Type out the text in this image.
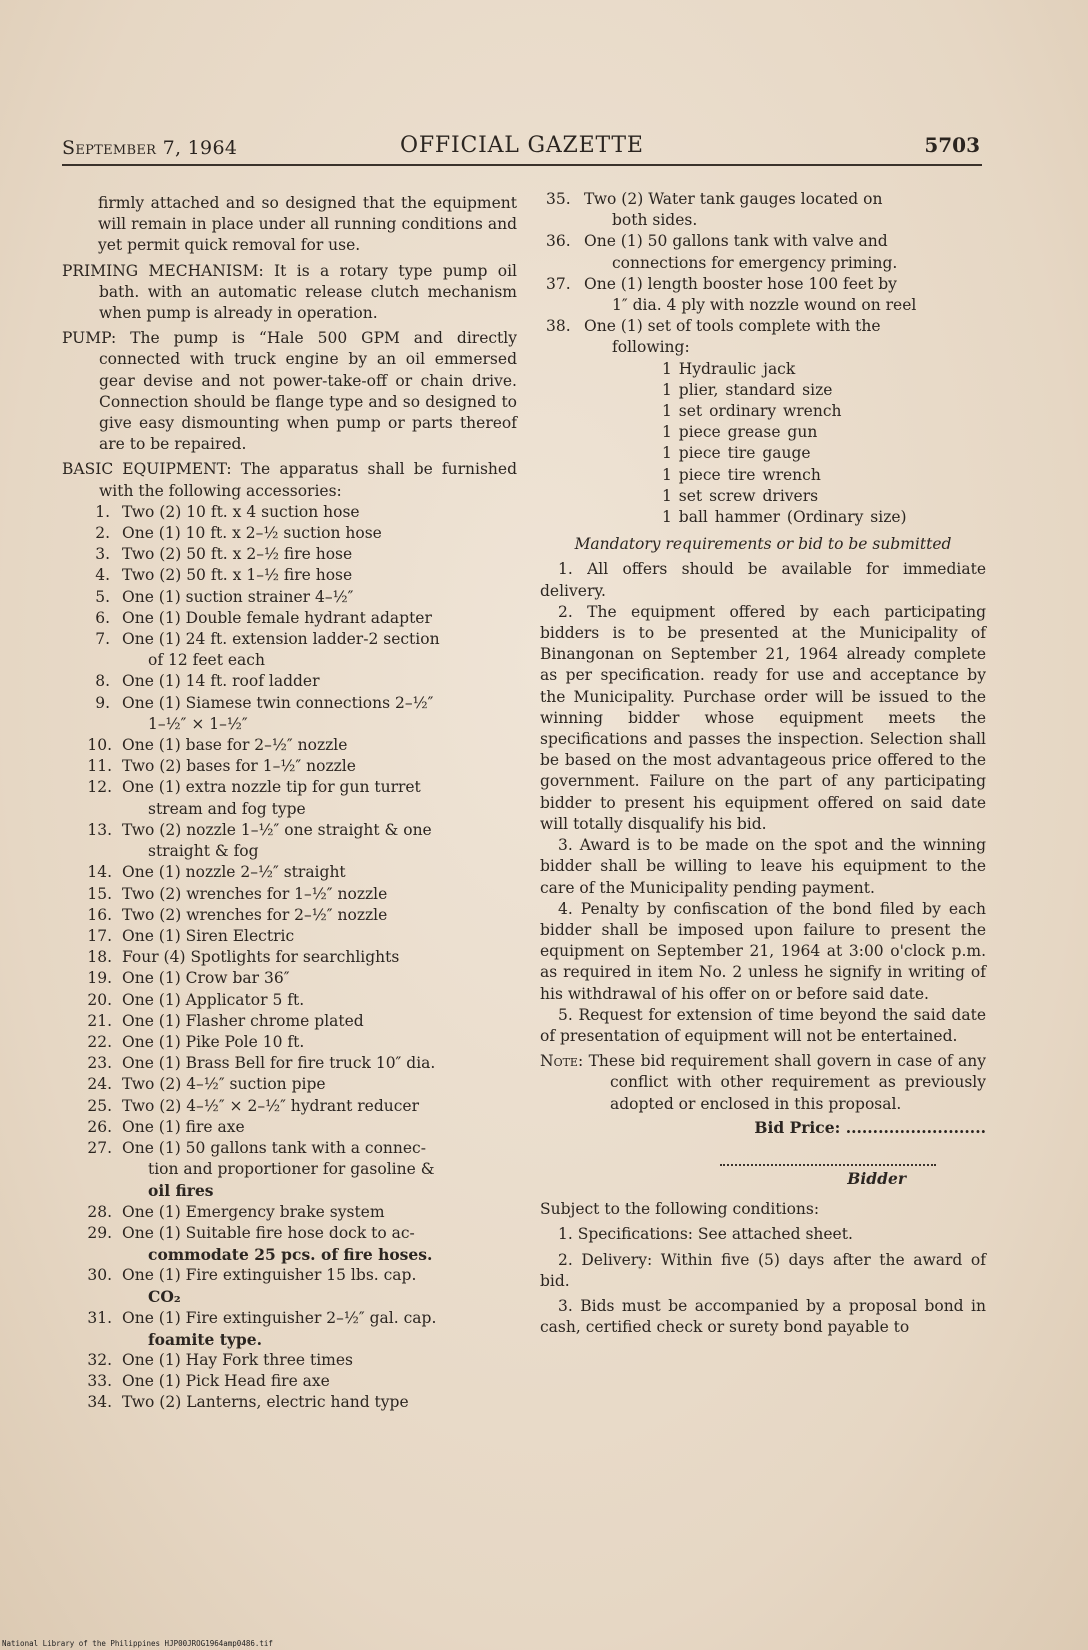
September 7, 1964	OFFICIAL GAZETTE	5703

firmly attached and so designed that the equipment will remain in place under all running conditions and yet permit quick removal for use.

PRIMING MECHANISM: It is a rotary type pump oil bath. with an automatic release clutch mechanism when pump is already in operation.

PUMP: The pump is “Hale 500 GPM and directly connected with truck engine by an oil emmersed gear devise and not power-take-off or chain drive. Connection should be flange type and so designed to give easy dismounting when pump or parts thereof are to be repaired.

BASIC EQUIPMENT: The apparatus shall be furnished with the following accessories:

1. Two (2) 10 ft. x 4 suction hose
2. One (1) 10 ft. x 2–½ suction hose
3. Two (2) 50 ft. x 2–½ fire hose
4. Two (2) 50 ft. x 1–½ fire hose
5. One (1) suction strainer 4–½″
6. One (1) Double female hydrant adapter
7. One (1) 24 ft. extension ladder-2 section
of 12 feet each
8. One (1) 14 ft. roof ladder
9. One (1) Siamese twin connections 2–½″
1–½″ × 1–½″
10. One (1) base for 2–½″ nozzle
11. Two (2) bases for 1–½″ nozzle
12. One (1) extra nozzle tip for gun turret
stream and fog type
13. Two (2) nozzle 1–½″ one straight & one
straight & fog
14. One (1) nozzle 2–½″ straight
15. Two (2) wrenches for 1–½″ nozzle
16. Two (2) wrenches for 2–½″ nozzle
17. One (1) Siren Electric
18. Four (4) Spotlights for searchlights
19. One (1) Crow bar 36″
20. One (1) Applicator 5 ft.
21. One (1) Flasher chrome plated
22. One (1) Pike Pole 10 ft.
23. One (1) Brass Bell for fire truck 10″ dia.
24. Two (2) 4–½″ suction pipe
25. Two (2) 4–½″ × 2–½″ hydrant reducer
26. One (1) fire axe
27. One (1) 50 gallons tank with a connec-
tion and proportioner for gasoline &
oil fires
28. One (1) Emergency brake system
29. One (1) Suitable fire hose dock to ac-
commodate 25 pcs. of fire hoses.
30. One (1) Fire extinguisher 15 lbs. cap.
CO₂
31. One (1) Fire extinguisher 2–½″ gal. cap.
foamite type.
32. One (1) Hay Fork three times
33. One (1) Pick Head fire axe
34. Two (2) Lanterns, electric hand type
35. Two (2) Water tank gauges located on
both sides.
36. One (1) 50 gallons tank with valve and
connections for emergency priming.
37. One (1) length booster hose 100 feet by
1″ dia. 4 ply with nozzle wound on reel
38. One (1) set of tools complete with the
following:
1 Hydraulic jack
1 plier, standard size
1 set ordinary wrench
1 piece grease gun
1 piece tire gauge
1 piece tire wrench
1 set screw drivers
1 ball hammer (Ordinary size)
Mandatory requirements or bid to be submitted

1. All offers should be available for immediate delivery.

2. The equipment offered by each participating bidders is to be presented at the Municipality of Binangonan on September 21, 1964 already complete as per specification. ready for use and acceptance by the Municipality. Purchase order will be issued to the winning bidder whose equipment meets the specifications and passes the inspection. Selection shall be based on the most advantageous price offered to the government. Failure on the part of any participating bidder to present his equipment offered on said date will totally disqualify his bid.

3. Award is to be made on the spot and the winning bidder shall be willing to leave his equipment to the care of the Municipality pending payment.

4. Penalty by confiscation of the bond filed by each bidder shall be imposed upon failure to present the equipment on September 21, 1964 at 3:00 o'clock p.m. as required in item No. 2 unless he signify in writing of his withdrawal of his offer on or before said date.

5. Request for extension of time beyond the said date of presentation of equipment will not be entertained.

Note: These bid requirement shall govern in case of any conflict with other requirement as previously adopted or enclosed in this proposal.

Bid Price: ..........................
Bidder

Subject to the following conditions:

1. Specifications: See attached sheet.

2. Delivery: Within five (5) days after the award of bid.

3. Bids must be accompanied by a proposal bond in cash, certified check or surety bond payable to

National Library of the Philippines HJP00JROG1964amp0486.tif
